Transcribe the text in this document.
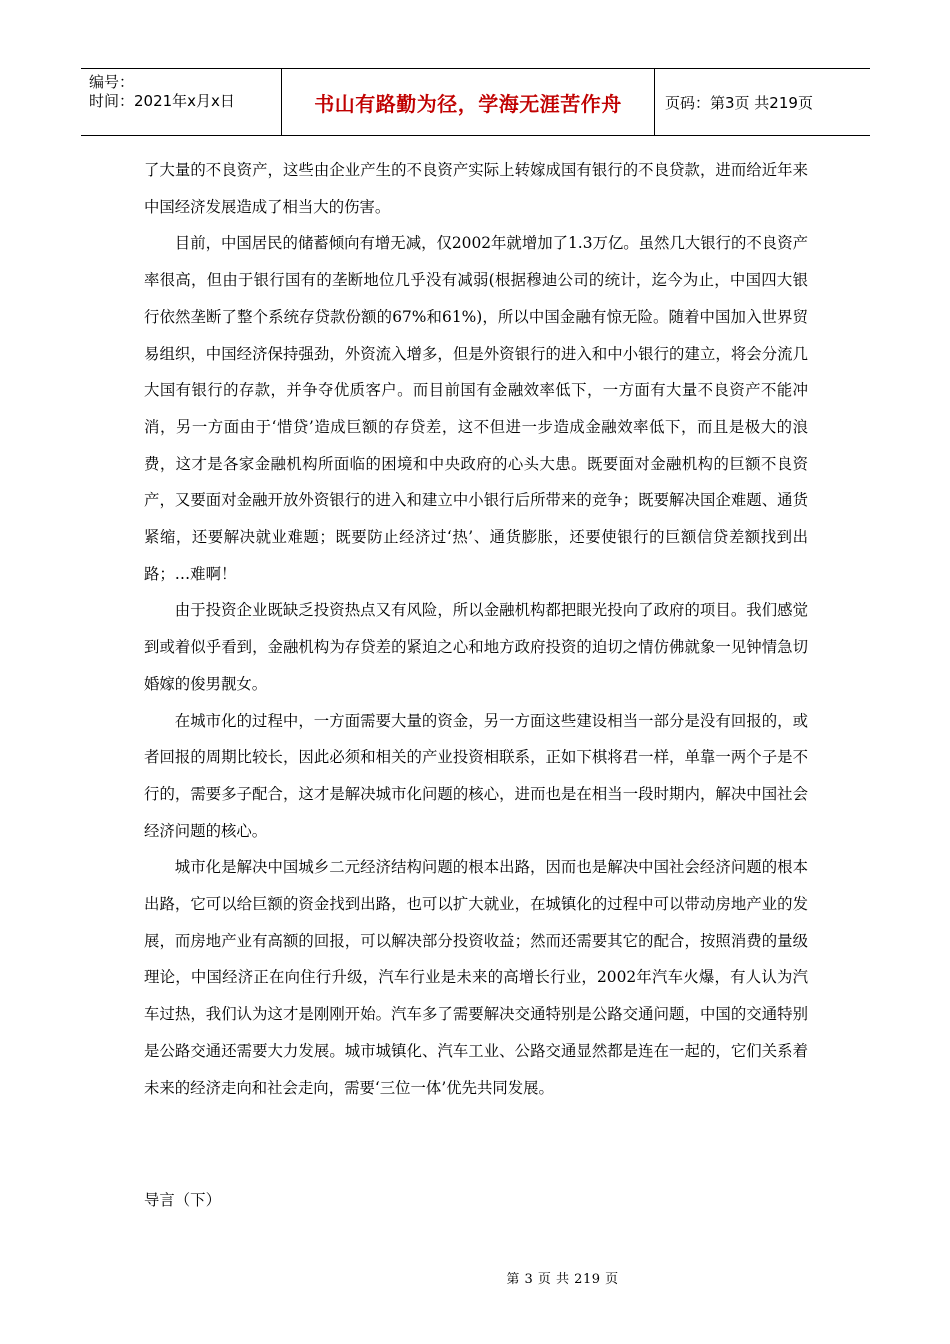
编号：
时间：2021年x月x日	书山有路勤为径，学海无涯苦作舟	页码：第3页 共219页

了大量的不良资产，这些由企业产生的不良资产实际上转嫁成国有银行的不良贷款，进而给近年来中国经济发展造成了相当大的伤害。

目前，中国居民的储蓄倾向有增无减，仅2002年就增加了1.3万亿。虽然几大银行的不良资产率很高，但由于银行国有的垄断地位几乎没有减弱(根据穆迪公司的统计，迄今为止，中国四大银行依然垄断了整个系统存贷款份额的67%和61%)，所以中国金融有惊无险。随着中国加入世界贸易组织，中国经济保持强劲，外资流入增多，但是外资银行的进入和中小银行的建立，将会分流几大国有银行的存款，并争夺优质客户。而目前国有金融效率低下，一方面有大量不良资产不能冲消，另一方面由于‘惜贷’造成巨额的存贷差，这不但进一步造成金融效率低下，而且是极大的浪费，这才是各家金融机构所面临的困境和中央政府的心头大患。既要面对金融机构的巨额不良资产，又要面对金融开放外资银行的进入和建立中小银行后所带来的竞争；既要解决国企难题、通货紧缩，还要解决就业难题；既要防止经济过‘热’、通货膨胀，还要使银行的巨额信贷差额找到出路；…难啊！

由于投资企业既缺乏投资热点又有风险，所以金融机构都把眼光投向了政府的项目。我们感觉到或着似乎看到，金融机构为存贷差的紧迫之心和地方政府投资的迫切之情仿佛就象一见钟情急切婚嫁的俊男靓女。

在城市化的过程中，一方面需要大量的资金，另一方面这些建设相当一部分是没有回报的，或者回报的周期比较长，因此必须和相关的产业投资相联系，正如下棋将君一样，单靠一两个子是不行的，需要多子配合，这才是解决城市化问题的核心，进而也是在相当一段时期内，解决中国社会经济问题的核心。

城市化是解决中国城乡二元经济结构问题的根本出路，因而也是解决中国社会经济问题的根本出路，它可以给巨额的资金找到出路，也可以扩大就业，在城镇化的过程中可以带动房地产业的发展，而房地产业有高额的回报，可以解决部分投资收益；然而还需要其它的配合，按照消费的量级理论，中国经济正在向住行升级，汽车行业是未来的高增长行业，2002年汽车火爆，有人认为汽车过热，我们认为这才是刚刚开始。汽车多了需要解决交通特别是公路交通问题，中国的交通特别是公路交通还需要大力发展。城市城镇化、汽车工业、公路交通显然都是连在一起的，它们关系着未来的经济走向和社会走向，需要‘三位一体’优先共同发展。

导言（下）
第 3 页 共 219 页
